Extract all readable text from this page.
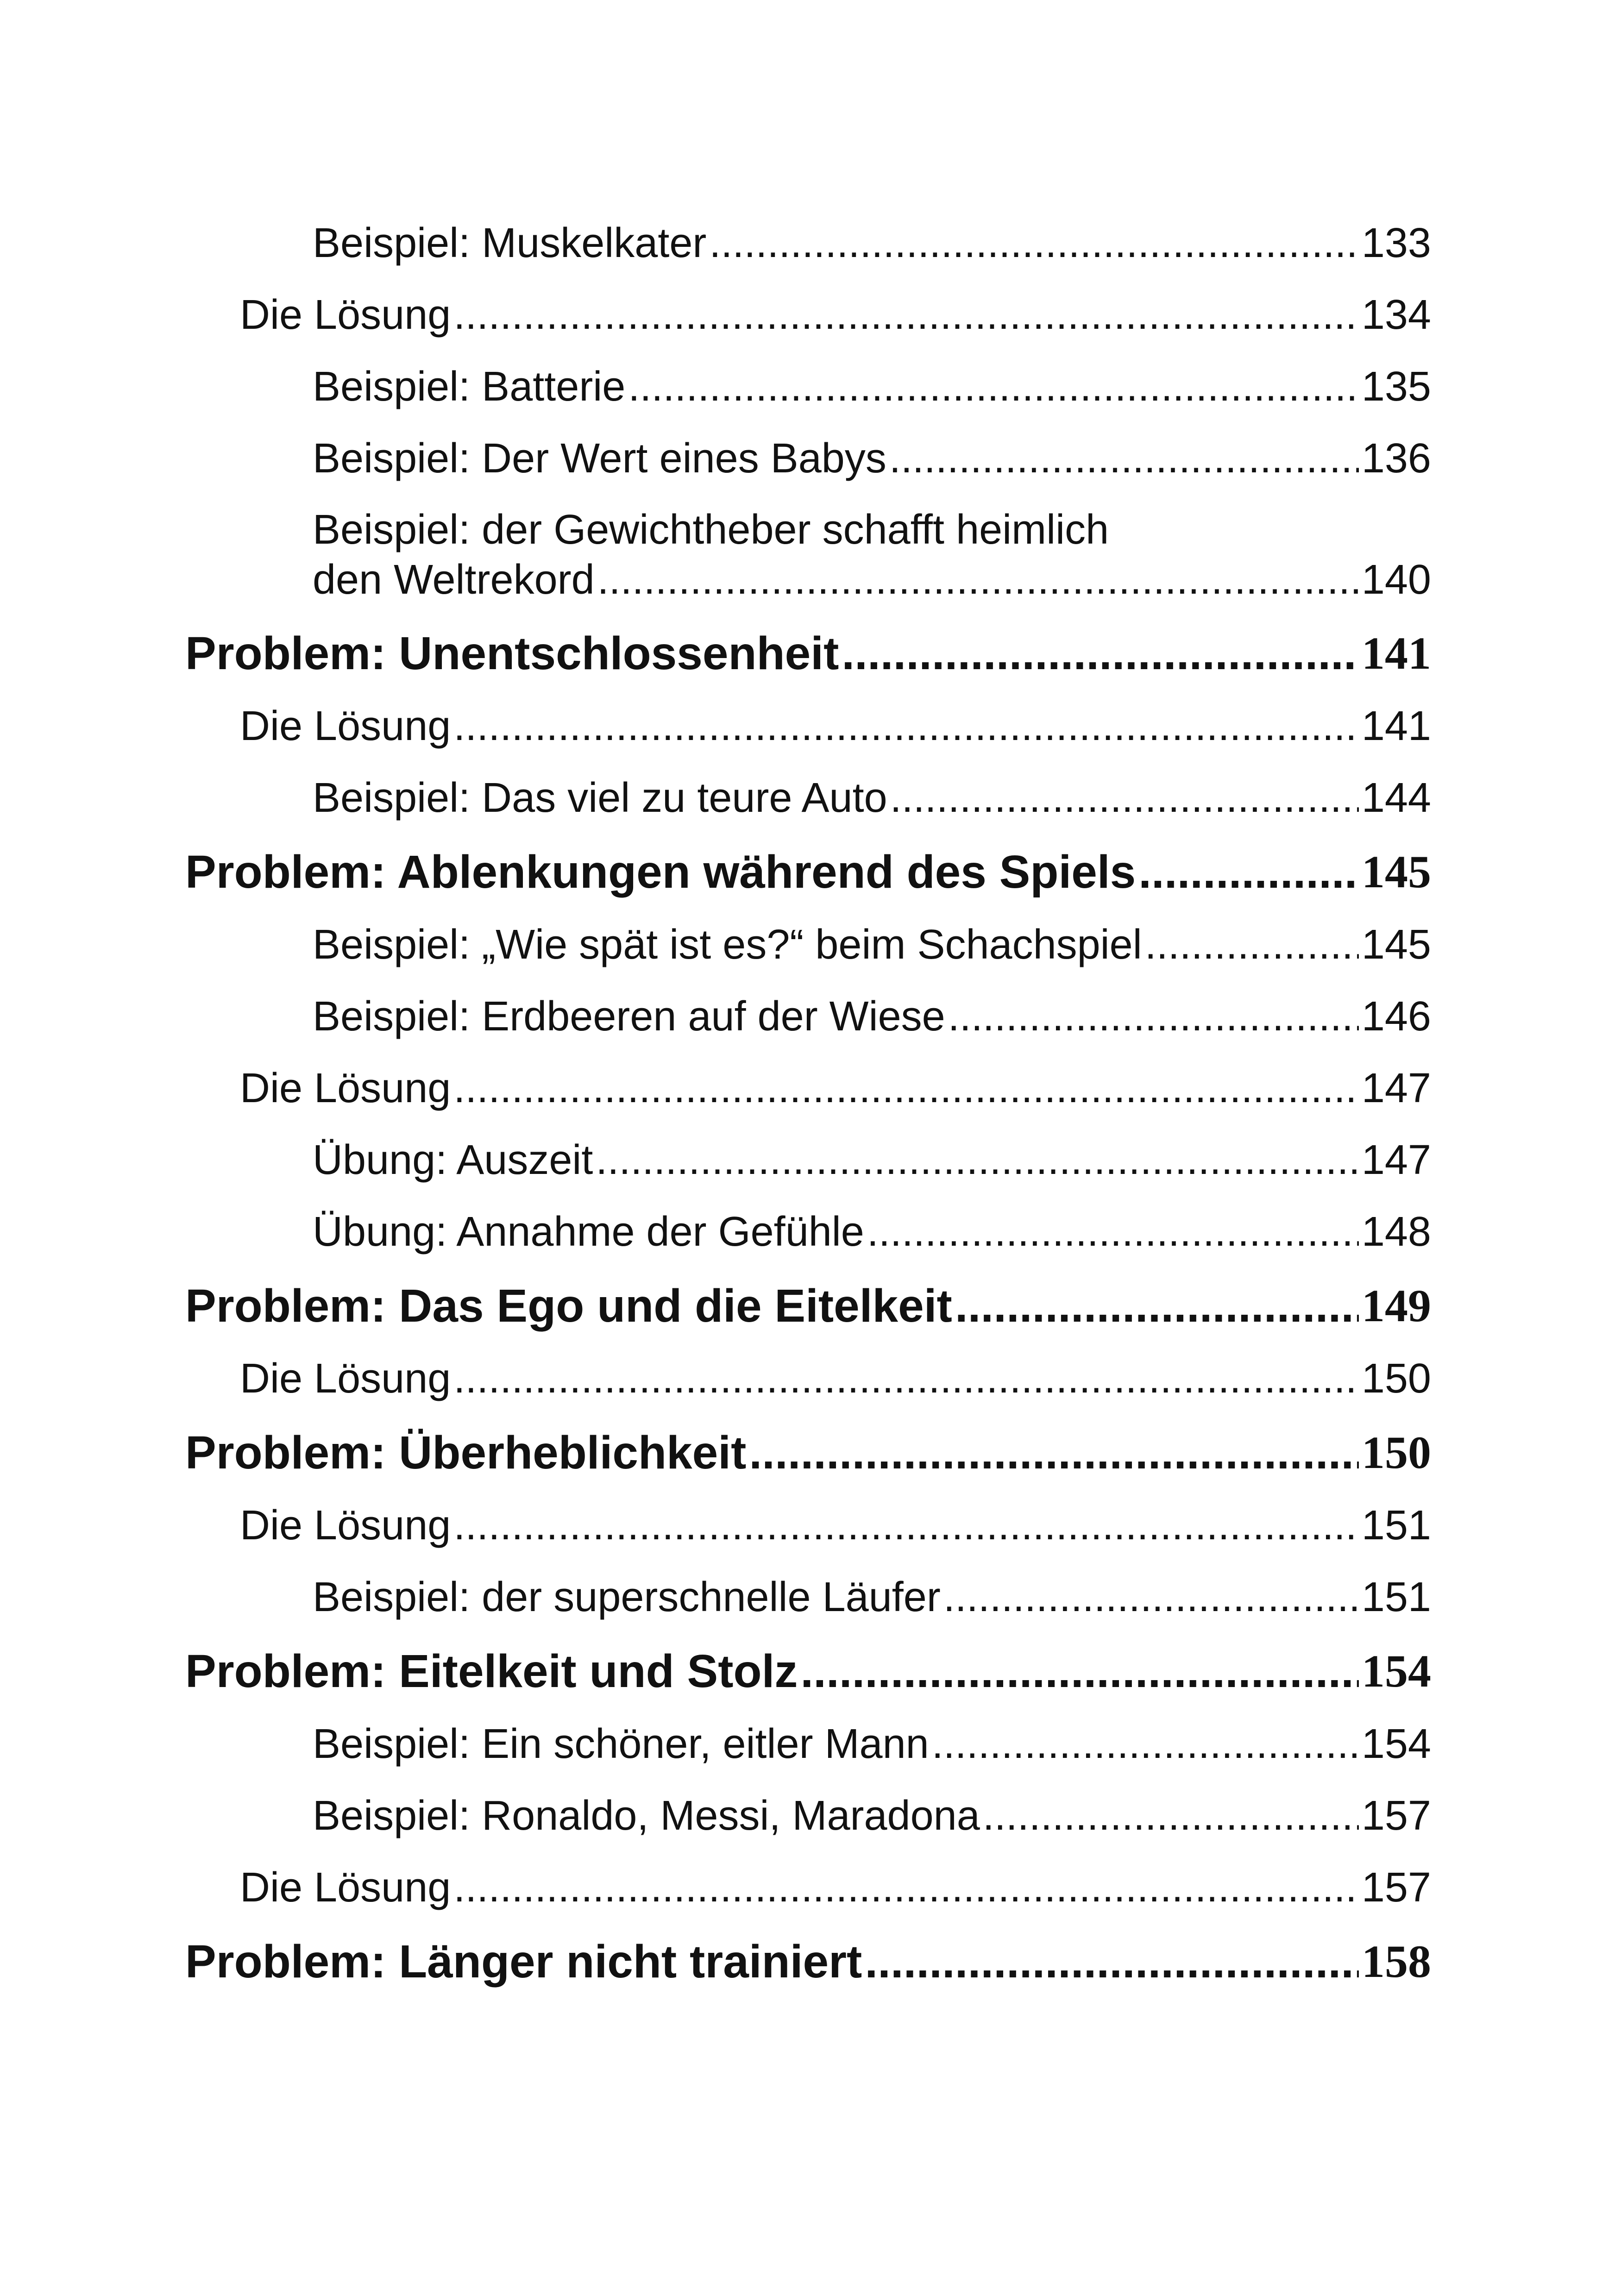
Beispiel: Muskelkater .....	133
Die Lösung .....	134
Beispiel: Batterie .....	135
Beispiel: Der Wert eines Babys .....	136
Beispiel: der Gewichtheber schafft heimlich
den Weltrekord .....	140
Problem: Unentschlossenheit .....	141
Die Lösung .....	141
Beispiel: Das viel zu teure Auto .....	144
Problem: Ablenkungen während des Spiels .....	145
Beispiel: „Wie spät ist es?“ beim Schachspiel .....	145
Beispiel: Erdbeeren auf der Wiese .....	146
Die Lösung .....	147
Übung: Auszeit .....	147
Übung: Annahme der Gefühle .....	148
Problem: Das Ego und die Eitelkeit .....	149
Die Lösung .....	150
Problem: Überheblichkeit .....	150
Die Lösung .....	151
Beispiel: der superschnelle Läufer .....	151
Problem: Eitelkeit und Stolz .....	154
Beispiel: Ein schöner, eitler Mann .....	154
Beispiel: Ronaldo, Messi, Maradona .....	157
Die Lösung .....	157
Problem: Länger nicht trainiert .....	158
